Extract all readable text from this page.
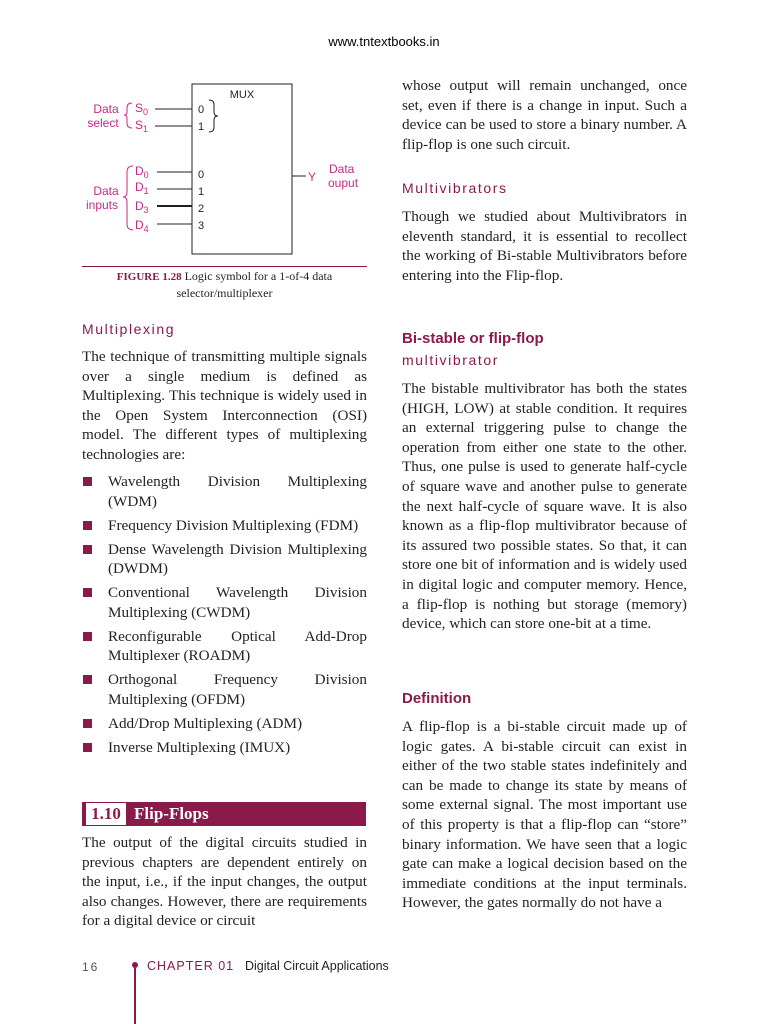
www.tntextbooks.in
MUX
Data
select
$S_0$
$S_1$
0
1
Data
inputs
$D_0$
$D_1$
$D_3$
$D_4$
0
1
2
3
Y
Data
ouput
FIGURE 1.28 Logic symbol for a 1-of-4 data selector/multiplexer

Multiplexing

The technique of transmitting multiple signals over a single medium is defined as Multiplexing. This technique is widely used in the Open System Interconnection (OSI) model. The different types of multiplexing technologies are:

Wavelength Division Multiplexing (WDM)
Frequency Division Multiplexing (FDM)
Dense Wavelength Division Multiplexing (DWDM)
Conventional Wavelength Division Multiplexing (CWDM)
Reconfigurable Optical Add-Drop Multiplexer (ROADM)
Orthogonal Frequency Division Multiplexing (OFDM)
Add/Drop Multiplexing (ADM)
Inverse Multiplexing (IMUX)

The output of the digital circuits studied in previous chapters are dependent entirely on the input, i.e., if the input changes, the output also changes. However, there are requirements for a digital device or circuit

1.10 Flip-Flops

whose output will remain unchanged, once set, even if there is a change in input. Such a device can be used to store a binary number. A flip-flop is one such circuit.

Multivibrators

Though we studied about Multivibrators in eleventh standard, it is essential to recollect the working of Bi-stable Multivibrators before entering into the Flip-flop.

Bi-stable or flip-flop

multivibrator

The bistable multivibrator has both the states (HIGH, LOW) at stable condition. It requires an external triggering pulse to change the operation from either one state to the other. Thus, one pulse is used to generate half-cycle of square wave and another pulse to generate the next half-cycle of square wave. It is also known as a flip-flop multivibrator because of its assured two possible states. So that, it can store one bit of information and is widely used in digital logic and computer memory. Hence, a flip-flop is nothing but storage (memory) device, which can store one-bit at a time.

Definition

A flip-flop is a bi-stable circuit made up of logic gates. A bi-stable circuit can exist in either of the two stable states indefinitely and can be made to change its state by means of some external signal. The most important use of this property is that a flip-flop can “store” binary information. We have seen that a logic gate can make a logical decision based on the immediate conditions at the input terminals. However, the gates normally do not have a

16	CHAPTER 01 Digital Circuit Applications
